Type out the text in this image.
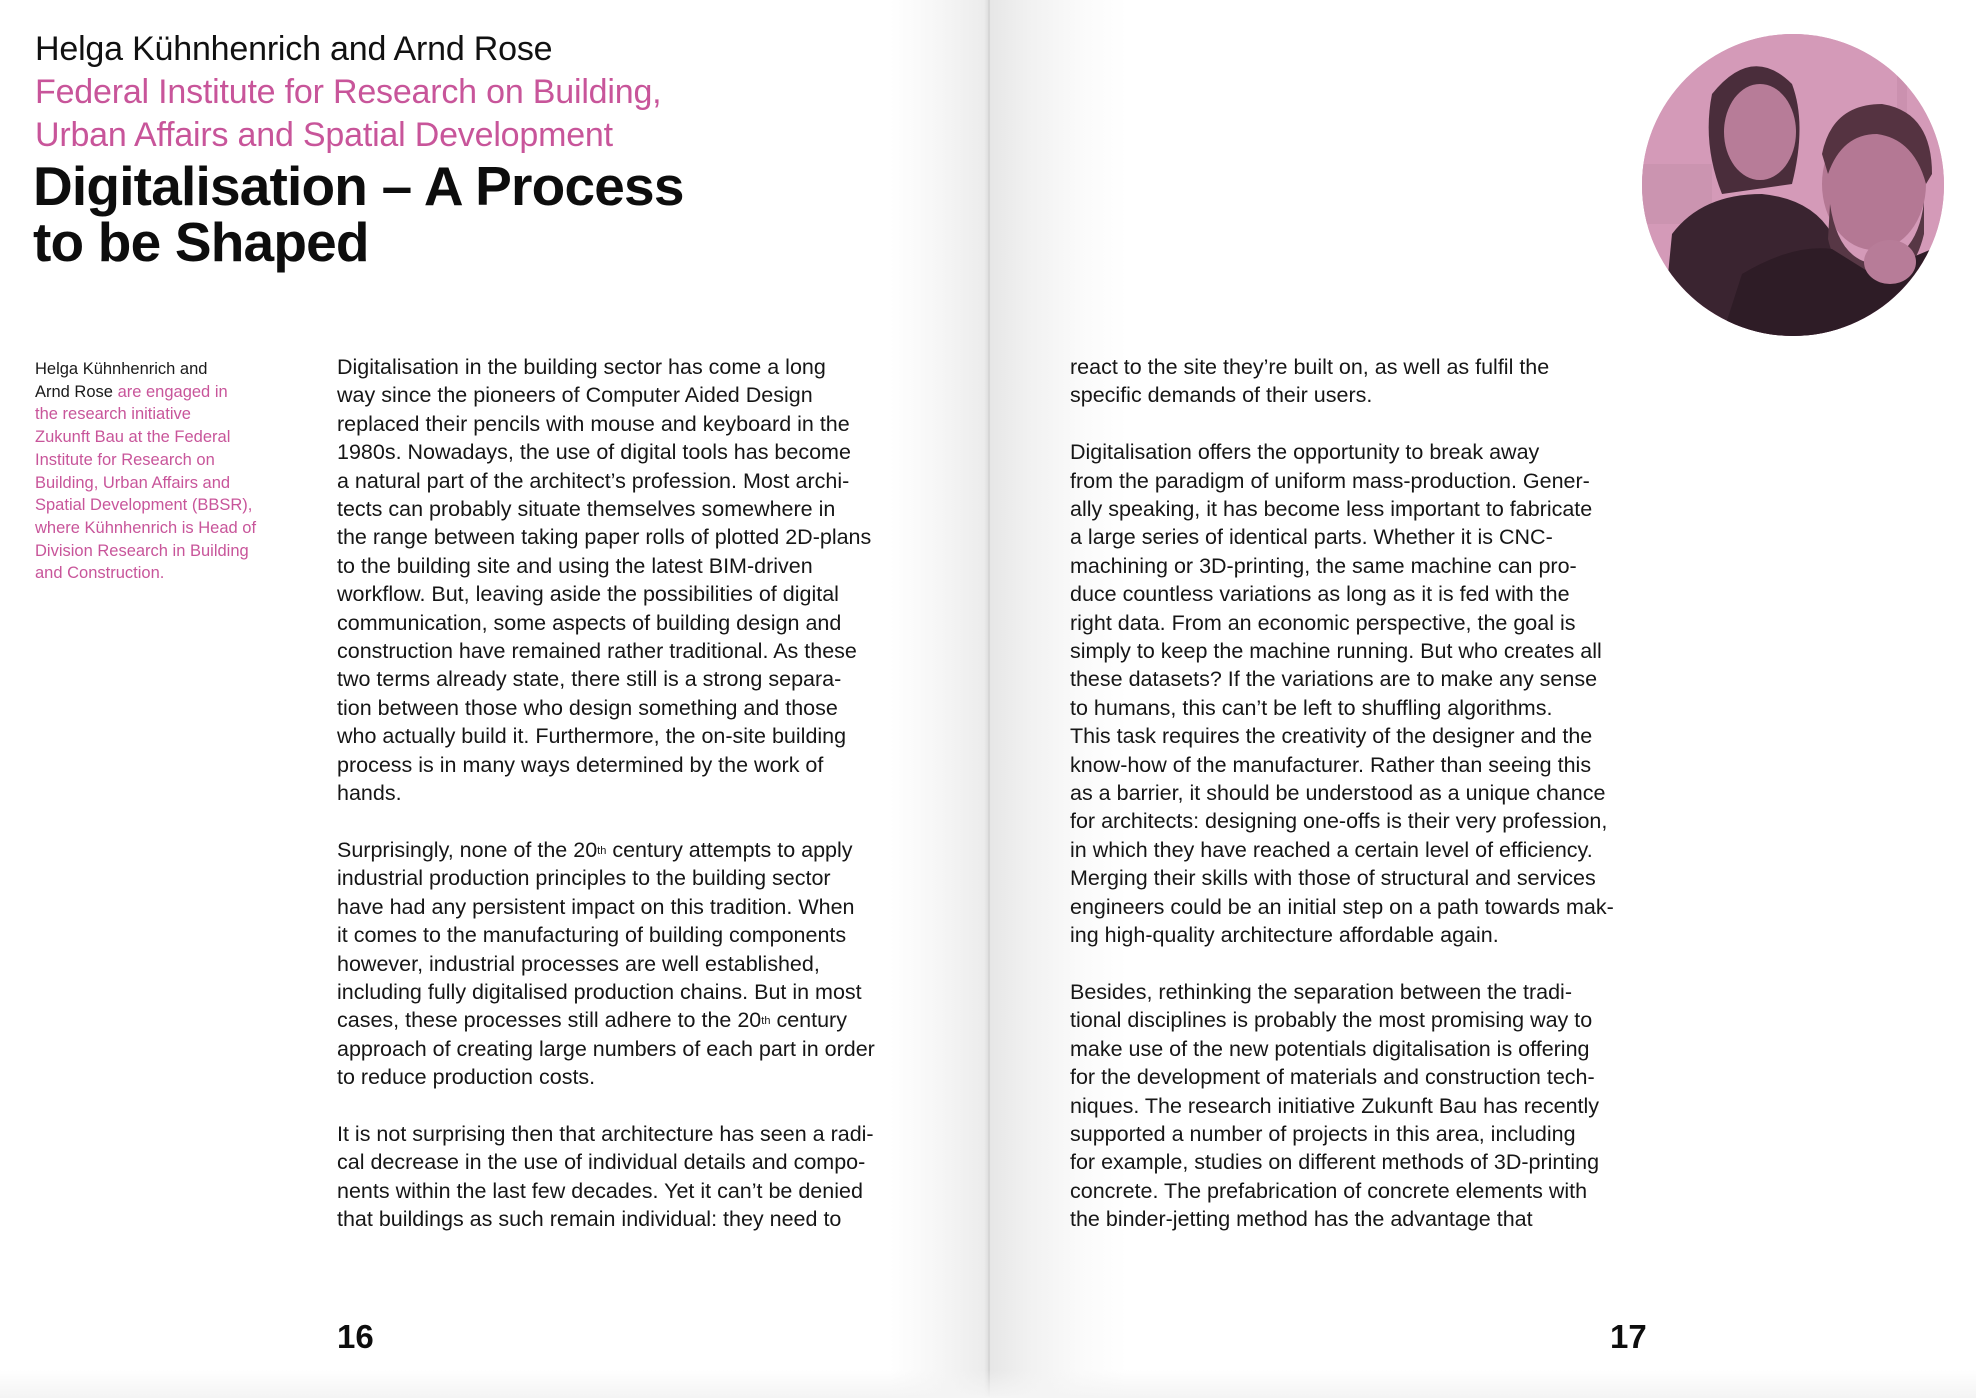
Helga Kühnhenrich and Arnd Rose
Federal Institute for Research on Building,
Urban Affairs and Spatial Development
Digitalisation – A Process
to be Shaped
Helga Kühnhenrich and
Arnd Rose are engaged in
the research initiative
Zukunft Bau at the Federal
Institute for Research on
Building, Urban Affairs and
Spatial Development (BBSR),
where Kühnhenrich is Head of
Division Research in Building
and Construction.

Digitalisation in the building sector has come a long
way since the pioneers of Computer Aided Design
replaced their pencils with mouse and keyboard in the
1980s. Nowadays, the use of digital tools has become
a natural part of the architect’s profession. Most archi-
tects can probably situate themselves somewhere in
the range between taking paper rolls of plotted 2D-plans
to the building site and using the latest BIM-driven
workflow. But, leaving aside the possibilities of digital
communication, some aspects of building design and
construction have remained rather traditional. As these
two terms already state, there still is a strong separa-
tion between those who design something and those
who actually build it. Furthermore, the on-site building
process is in many ways determined by the work of
hands.

Surprisingly, none of the 20th century attempts to apply
industrial production principles to the building sector
have had any persistent impact on this tradition. When
it comes to the manufacturing of building components
however, industrial processes are well established,
including fully digitalised production chains. But in most
cases, these processes still adhere to the 20th century
approach of creating large numbers of each part in order
to reduce production costs.

It is not surprising then that architecture has seen a radi-
cal decrease in the use of individual details and compo-
nents within the last few decades. Yet it can’t be denied
that buildings as such remain individual: they need to

16

react to the site they’re built on, as well as fulfil the
specific demands of their users.

Digitalisation offers the opportunity to break away
from the paradigm of uniform mass-production. Gener-
ally speaking, it has become less important to fabricate
a large series of identical parts. Whether it is CNC-
machining or 3D-printing, the same machine can pro-
duce countless variations as long as it is fed with the
right data. From an economic perspective, the goal is
simply to keep the machine running. But who creates all
these datasets? If the variations are to make any sense
to humans, this can’t be left to shuffling algorithms.
This task requires the creativity of the designer and the
know-how of the manufacturer. Rather than seeing this
as a barrier, it should be understood as a unique chance
for architects: designing one-offs is their very profession,
in which they have reached a certain level of efficiency.
Merging their skills with those of structural and services
engineers could be an initial step on a path towards mak-
ing high-quality architecture affordable again.

Besides, rethinking the separation between the tradi-
tional disciplines is probably the most promising way to
make use of the new potentials digitalisation is offering
for the development of materials and construction tech-
niques. The research initiative Zukunft Bau has recently
supported a number of projects in this area, including
for example, studies on different methods of 3D-printing
concrete. The prefabrication of concrete elements with
the binder-jetting method has the advantage that

17
